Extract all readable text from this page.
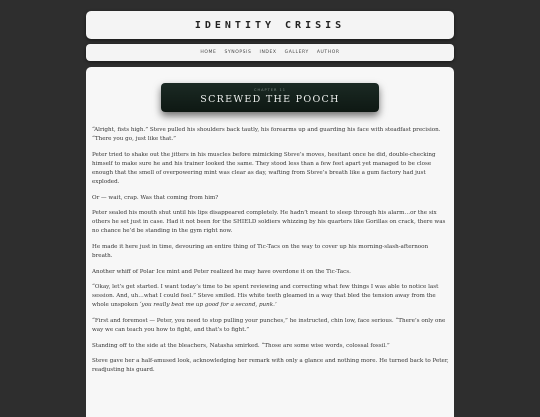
IDENTITY CRISIS
HOME SYNOPSIS INDEX GALLERY AUTHOR
CHAPTER 11
SCREWED THE POOCH

“Alright, fists high.” Steve pulled his shoulders back tautly, his forearms up and guarding his face with steadfast precision. “There you go, just like that.”

Peter tried to shake out the jitters in his muscles before mimicking Steve’s moves, hesitant once he did, double-checking himself to make sure he and his trainer looked the same. They stood less than a few feet apart yet managed to be close enough that the smell of overpowering mint was clear as day, wafting from Steve’s breath like a gum factory had just exploded.

Or — wait, crap. Was that coming from him?

Peter sealed his mouth shut until his lips disappeared completely. He hadn’t meant to sleep through his alarm…or the six others he set just in case. Had it not been for the SHIELD soldiers whizzing by his quarters like Gorillas on crack, there was no chance he’d be standing in the gym right now.

He made it here just in time, devouring an entire thing of Tic-Tacs on the way to cover up his morning-slash-afternoon breath.

Another whiff of Polar Ice mint and Peter realized he may have overdone it on the Tic-Tacs.

“Okay, let’s get started. I want today’s time to be spent reviewing and correcting what few things I was able to notice last session. And, uh…what I could feel.” Steve smiled. His white teeth gleamed in a way that bled the tension away from the whole unspoken ‘you really beat me up good for a second, punk.’

“First and foremost — Peter, you need to stop pulling your punches,” he instructed, chin low, face serious. “There’s only one way we can teach you how to fight, and that’s to fight.”

Standing off to the side at the bleachers, Natasha smirked. “Those are some wise words, colossal fossil.”

Steve gave her a half-amused look, acknowledging her remark with only a glance and nothing more. He turned back to Peter, readjusting his guard.
